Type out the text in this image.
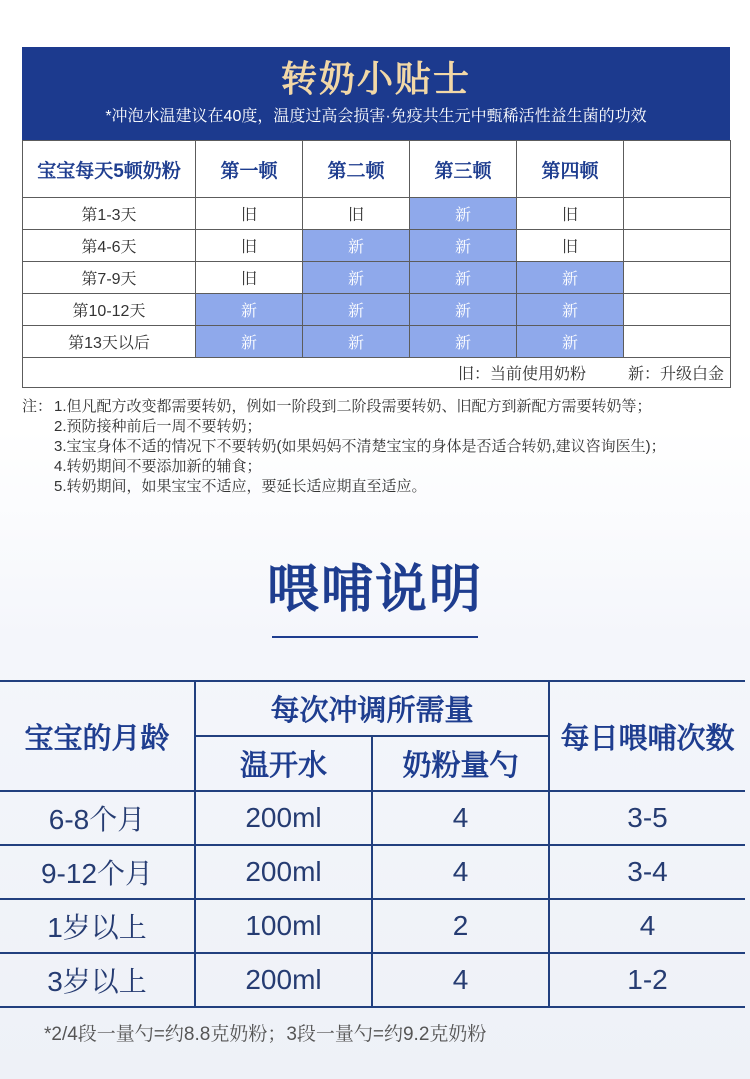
转奶小贴士

*冲泡水温建议在40度，温度过高会损害·免疫共生元中甄稀活性益生菌的功效

宝宝每天5顿奶粉	第一顿	第二顿	第三顿	第四顿	
第1-3天	旧	旧	新	旧	
第4-6天	旧	新	新	旧	
第7-9天	旧	新	新	新	
第10-12天	新	新	新	新	
第13天以后	新	新	新	新	
旧：当前使用奶粉 新：升级白金					
注： 1.但凡配方改变都需要转奶，例如一阶段到二阶段需要转奶、旧配方到新配方需要转奶等；
2.预防接种前后一周不要转奶；
3.宝宝身体不适的情况下不要转奶(如果妈妈不清楚宝宝的身体是否适合转奶,建议咨询医生)；
4.转奶期间不要添加新的辅食；
5.转奶期间，如果宝宝不适应，要延长适应期直至适应。
喂哺说明
宝宝的月龄	每次冲调所需量		每日喂哺次数
	温开水	奶粉量勺	
6-8个月	200ml	4	3-5
9-12个月	200ml	4	3-4
1岁以上	100ml	2	4
3岁以上	200ml	4	1-2

*2/4段一量勺=约8.8克奶粉；3段一量勺=约9.2克奶粉
